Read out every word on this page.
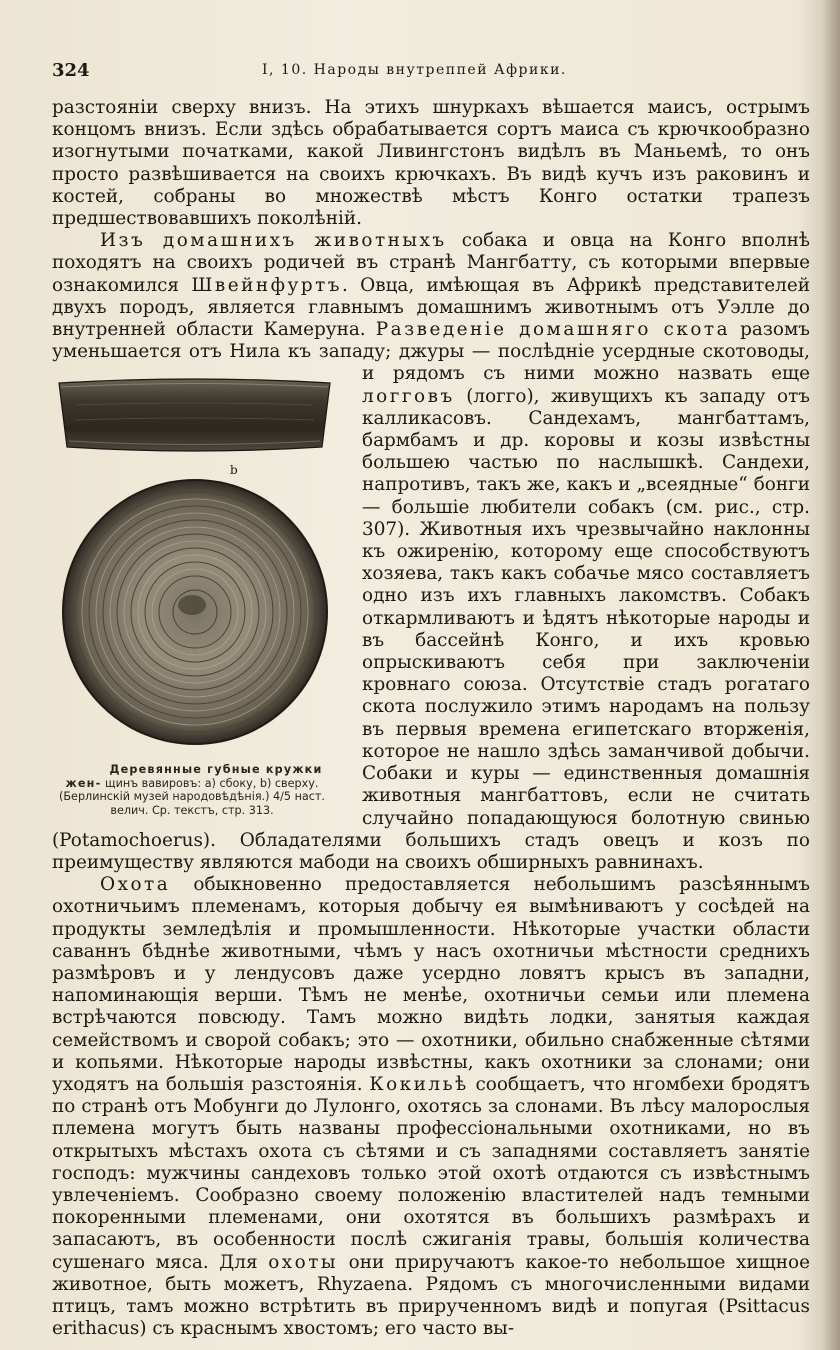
324	I, 10. Народы внутреппей Африки.

разстояніи сверху внизъ. На этихъ шнуркахъ вѣшается маисъ, острымъ концомъ внизъ. Если здѣсь обрабатывается сортъ маиса съ крючкообразно изогнутыми початками, какой Ливингстонъ видѣлъ въ Маньемѣ, то онъ просто развѣшивается на своихъ крючкахъ. Въ видѣ кучъ изъ раковинъ и костей, собраны во множествѣ мѣстъ Конго остатки трапезъ предшествовавшихъ поколѣній.

Изъ домашнихъ животныхъ собака и овца на Конго вполнѣ походятъ на своихъ родичей въ странѣ Мангбатту, съ которыми впервые ознакомился Швейнфуртъ. Овца, имѣющая въ Африкѣ представителей двухъ породъ, является главнымъ домашнимъ животнымъ отъ Уэлле до внутренней области Камеруна. Разведеніе домашняго скота разомъ уменьшается отъ Нила къ западу; джуры — послѣдніе усердные скотоводы, и рядомъ съ ними можно назвать еще
b
Деревянные губные кружки жен- щинъ вавировъ: a) сбоку, b) сверху. (Берлинскій музей народовѣдѣнія.) 4/5 наст. велич. Ср. текстъ, стр. 313.
логговъ (логго), живущихъ къ западу отъ калликасовъ. Сандехамъ, мангбаттамъ, бармбамъ и др. коровы и козы извѣстны большею частью по наслышкѣ. Сандехи, напротивъ, такъ же, какъ и „всеядные“ бонги — большіе любители собакъ (см. рис., стр. 307). Животныя ихъ чрезвычайно наклонны къ ожиренію, которому еще способствуютъ хозяева, такъ какъ собачье мясо составляетъ одно изъ ихъ главныхъ лакомствъ. Собакъ откармливаютъ и ѣдятъ нѣкоторые народы и въ бассейнѣ Конго, и ихъ кровью опрыскиваютъ себя при заключеніи кровнаго союза. Отсутствіе стадъ рогатаго скота послужило этимъ народамъ на пользу въ первыя времена египетскаго вторженія, которое не нашло здѣсь заманчивой добычи. Собаки и куры — единственныя домашнія животныя мангбаттовъ, если не считать случайно попадающуюся болотную свинью (Potamochoerus). Обладателями большихъ стадъ овецъ и козъ по преимуществу являются мабоди на своихъ обширныхъ равнинахъ.

Охота обыкновенно предоставляется небольшимъ разсѣяннымъ охотничьимъ племенамъ, которыя добычу ея вымѣниваютъ у сосѣдей на продукты земледѣлія и промышленности. Нѣкоторые участки области саваннъ бѣднѣе животными, чѣмъ у насъ охотничьи мѣстности среднихъ размѣровъ и у лендусовъ даже усердно ловятъ крысъ въ западни, напоминающія верши. Тѣмъ не менѣе, охотничьи семьи или племена встрѣчаются повсюду. Тамъ можно видѣть лодки, занятыя каждая семействомъ и сворой собакъ; это — охотники, обильно снабженные сѣтями и копьями. Нѣкоторые народы извѣстны, какъ охотники за слонами; они уходятъ на большія разстоянія. Кокильѣ сообщаетъ, что нгомбехи бродятъ по странѣ отъ Мобунги до Лулонго, охотясь за слонами. Въ лѣсу малорослыя племена могутъ быть названы профессіональными охотниками, но въ открытыхъ мѣстахъ охота съ сѣтями и съ западнями составляетъ занятіе господъ: мужчины сандеховъ только этой охотѣ отдаются съ извѣстнымъ увлеченіемъ. Сообразно своему положенію властителей надъ темными покоренными племенами, они охотятся въ большихъ размѣрахъ и запасаютъ, въ особенности послѣ сжиганія травы, большія количества сушенаго мяса. Для охоты они приручаютъ какое-то небольшое хищное животное, быть можетъ, Rhyzaena. Рядомъ съ многочисленными видами птицъ, тамъ можно встрѣтить въ прирученномъ видѣ и попугая (Psittacus erithacus) съ краснымъ хвостомъ; его часто вы-
